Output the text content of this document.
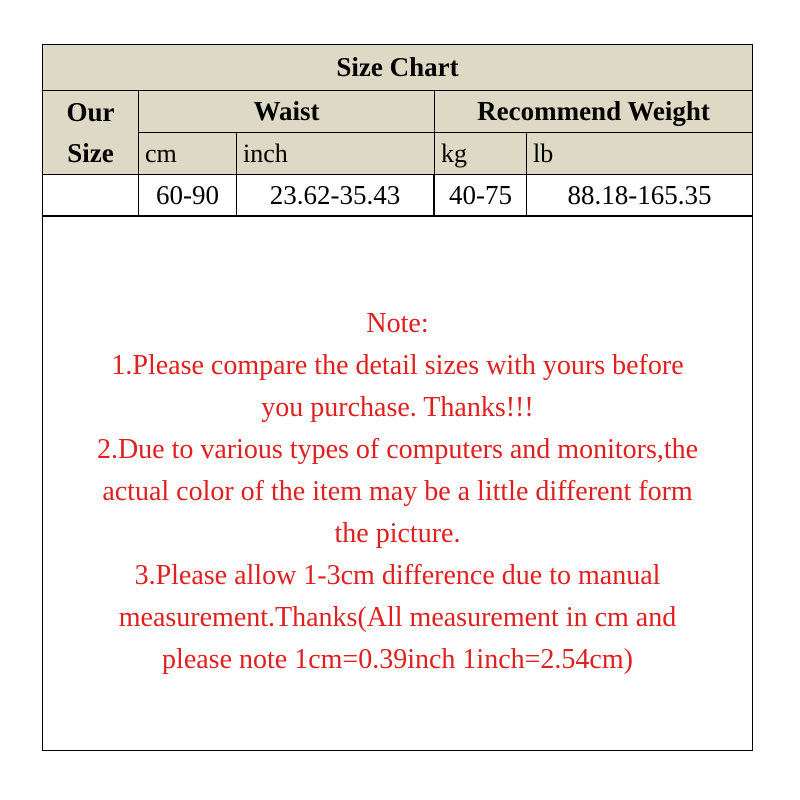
Size Chart
Our
Size
Waist	Recommend Weight
cm	inch	kg	lb
60-90	23.62-35.43	40-75	88.18-165.35
Note:
1.Please compare the detail sizes with yours before
you purchase. Thanks!!!
2.Due to various types of computers and monitors,the
actual color of the item may be a little different form
the picture.
3.Please allow 1-3cm difference due to manual
measurement.Thanks(All measurement in cm and
please note 1cm=0.39inch 1inch=2.54cm)
